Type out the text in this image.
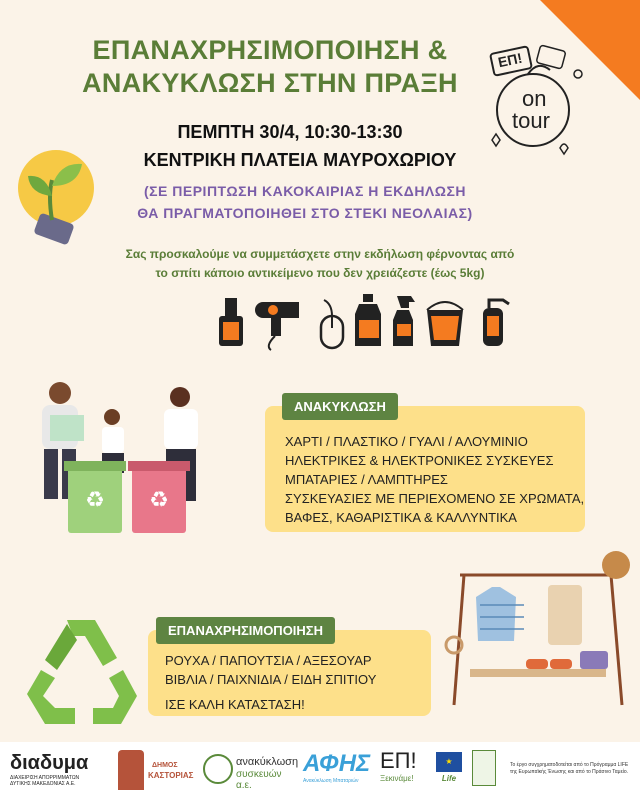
ΕΠΑΝΑΧΡΗΣΙΜΟΠΟΙΗΣΗ &
ΑΝΑΚΥΚΛΩΣΗ ΣΤΗΝ ΠΡΑΞΗ
ΕΠ!
on
tour
ΠΕΜΠΤΗ 30/4, 10:30-13:30
ΚΕΝΤΡΙΚΗ ΠΛΑΤΕΙΑ ΜΑΥΡΟΧΩΡΙΟΥ
(ΣΕ ΠΕΡΙΠΤΩΣΗ ΚΑΚΟΚΑΙΡΙΑΣ Η ΕΚΔΗΛΩΣΗ
ΘΑ ΠΡΑΓΜΑΤΟΠΟΙΗΘΕΙ ΣΤΟ ΣΤΕΚΙ ΝΕΟΛΑΙΑΣ)
Σας προσκαλούμε να συμμετάσχετε στην εκδήλωση φέρνοντας από
το σπίτι κάποιο αντικείμενο που δεν χρειάζεστε (έως 5kg)
♻ ♻
ΑΝΑΚΥΚΛΩΣΗ
ΧΑΡΤΙ / ΠΛΑΣΤΙΚΟ / ΓΥΑΛΙ / ΑΛΟΥΜΙΝΙΟ
ΗΛΕΚΤΡΙΚΕΣ & ΗΛΕΚΤΡΟΝΙΚΕΣ ΣΥΣΚΕΥΕΣ
ΜΠΑΤΑΡΙΕΣ / ΛΑΜΠΤΗΡΕΣ
ΣΥΣΚΕΥΑΣΙΕΣ ΜΕ ΠΕΡΙΕΧΟΜΕΝΟ ΣΕ ΧΡΩΜΑΤΑ,
ΒΑΦΕΣ, ΚΑΘΑΡΙΣΤΙΚΑ & ΚΑΛΛΥΝΤΙΚΑ
ΕΠΑΝΑΧΡΗΣΙΜΟΠΟΙΗΣΗ
ΡΟΥΧΑ / ΠΑΠΟΥΤΣΙΑ / ΑΞΕΣΟΥΑΡ
ΒΙΒΛΙΑ / ΠΑΙΧΝΙΔΙΑ / ΕΙΔΗ ΣΠΙΤΙΟΥ
ΙΣΕ ΚΑΛΗ ΚΑΤΑΣΤΑΣΗ!
διαδυμα
ΔΙΑΧΕΙΡΙΣΗ ΑΠΟΡΡΙΜΜΑΤΩΝ
ΔΥΤΙΚΗΣ ΜΑΚΕΔΟΝΙΑΣ Α.Ε.
ΔΗΜΟΣ
ΚΑΣΤΟΡΙΑΣ
ανακύκλωση
συσκευών α.ε.
ΑΦΗΣ
Ανακύκλωση Μπαταριών
ΕΠ!
Ξεκινάμε!
★
Life
Το έργο συγχρηματοδοτείται από το Πρόγραμμα LIFE της Ευρωπαϊκής Ένωσης και από το Πράσινο Ταμείο.
